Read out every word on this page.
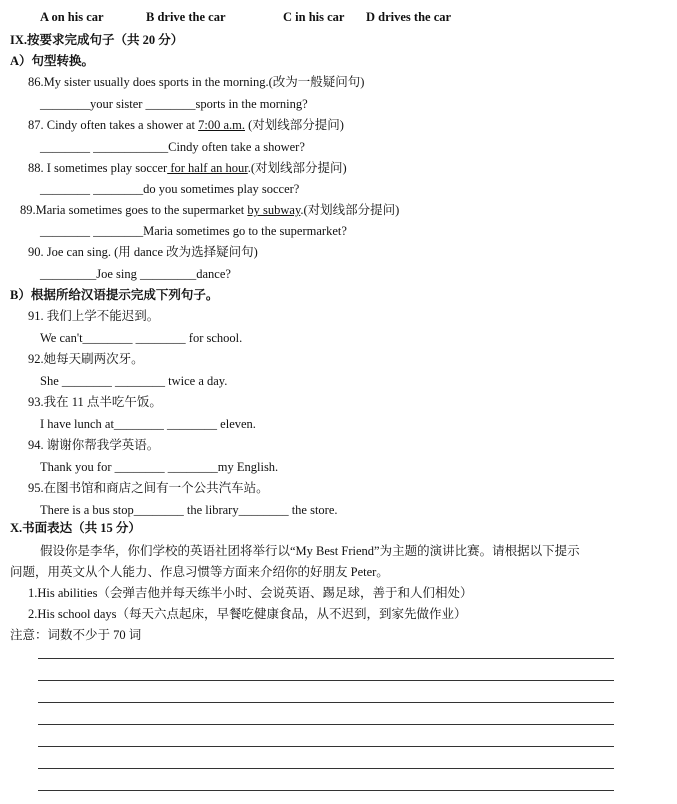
A on his car	B drive the car	C in his car D drives the car
IX.按要求完成句子（共 20 分）
A）句型转换。
86.My sister usually does sports in the morning.(改为一般疑问句)
________your sister ________sports in the morning?
87. Cindy often takes a shower at 7:00 a.m. (对划线部分提问)
________ ____________Cindy often take a shower?
88. I sometimes play soccer for half an hour.(对划线部分提问)
________ ________do you sometimes play soccer?
89.Maria sometimes goes to the supermarket by subway.(对划线部分提问)
________ ________Maria sometimes go to the supermarket?
90. Joe can sing. (用 dance 改为选择疑问句)
_________Joe sing _________dance?
B）根据所给汉语提示完成下列句子。
91. 我们上学不能迟到。
We can't________ ________ for school.
92.她每天刷两次牙。
She ________ ________ twice a day.
93.我在 11 点半吃午饭。
I have lunch at________ ________ eleven.
94. 谢谢你帮我学英语。
Thank you for ________ ________my English.
95.在图书馆和商店之间有一个公共汽车站。
There is a bus stop________ the library________ the store.
X.书面表达（共 15 分）
假设你是李华，你们学校的英语社团将举行以“My Best Friend”为主题的演讲比赛。请根据以下提示
问题，用英文从个人能力、作息习惯等方面来介绍你的好朋友 Peter。
1.His abilities（会弹吉他并每天练半小时、会说英语、踢足球，善于和人们相处）
2.His school days（每天六点起床，早餐吃健康食品，从不迟到，到家先做作业）
注意：词数不少于 70 词
